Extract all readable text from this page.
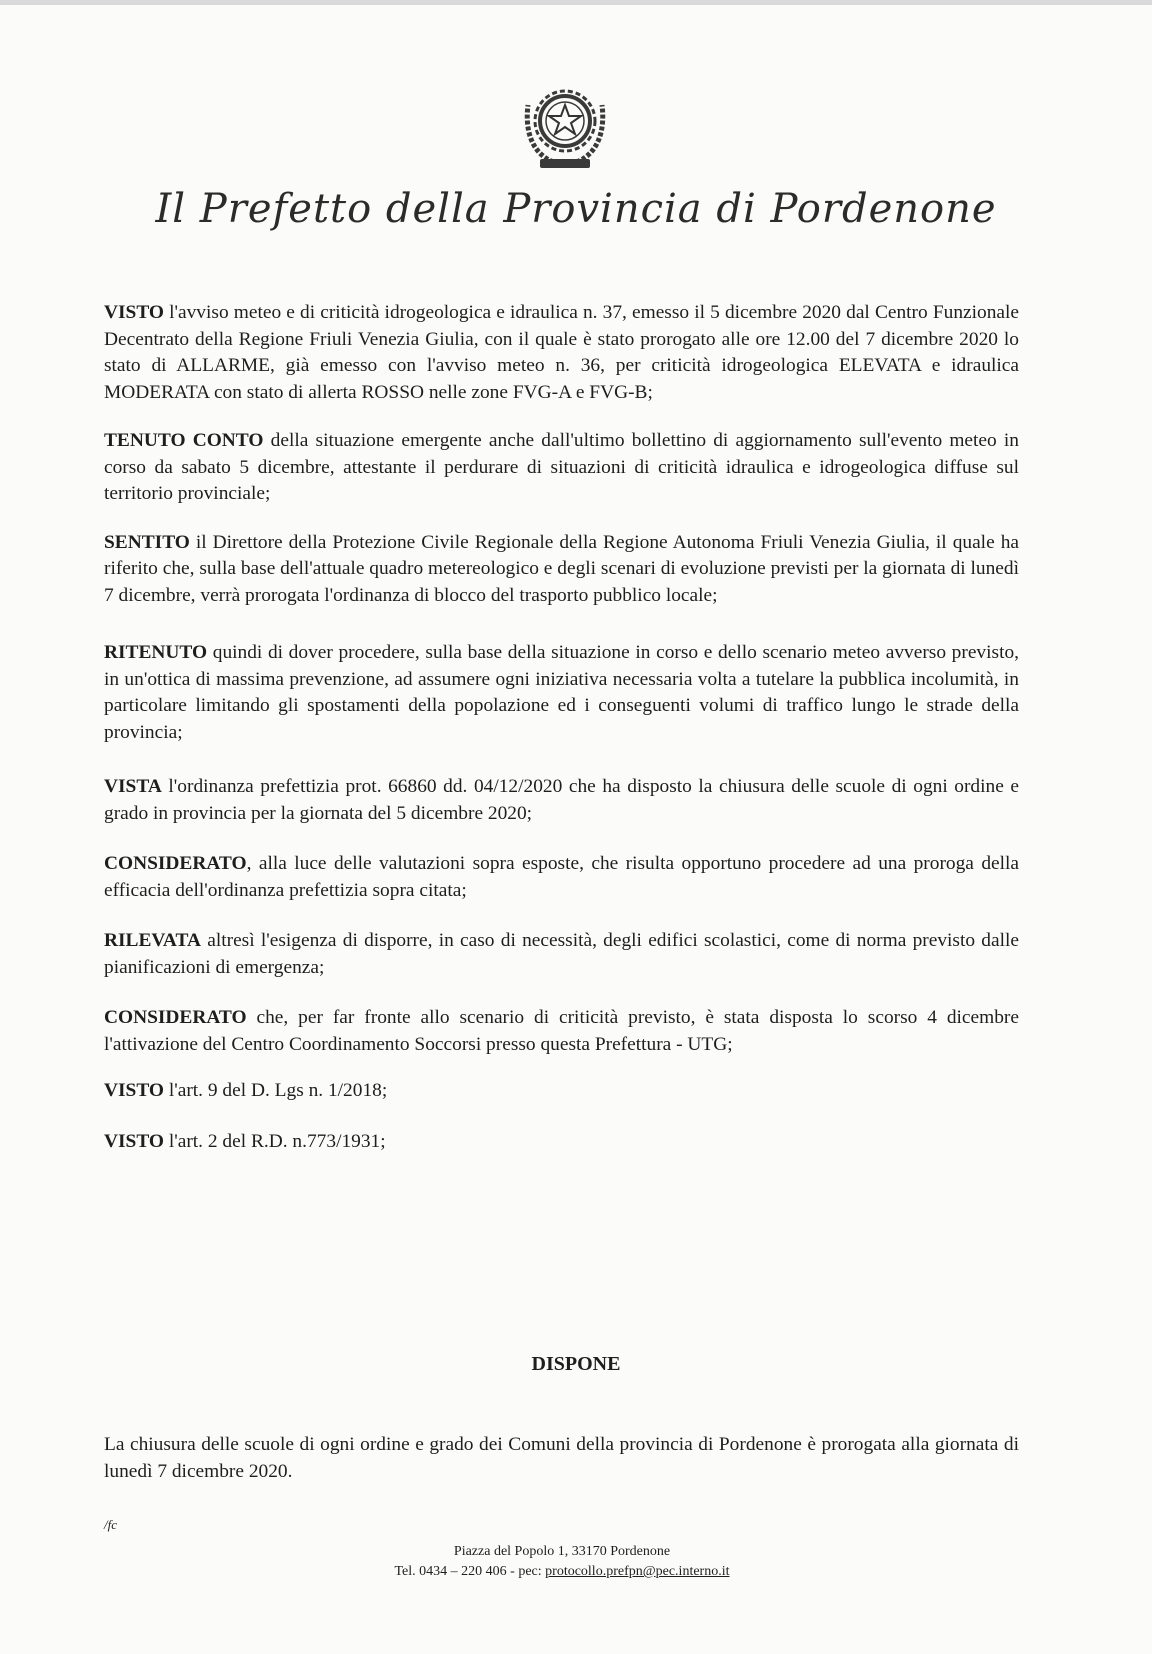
Il Prefetto della Provincia di Pordenone

VISTO l'avviso meteo e di criticità idrogeologica e idraulica n. 37, emesso il 5 dicembre 2020 dal Centro Funzionale Decentrato della Regione Friuli Venezia Giulia, con il quale è stato prorogato alle ore 12.00 del 7 dicembre 2020 lo stato di ALLARME, già emesso con l'avviso meteo n. 36, per criticità idrogeologica ELEVATA e idraulica MODERATA con stato di allerta ROSSO nelle zone FVG-A e FVG-B;

TENUTO CONTO della situazione emergente anche dall'ultimo bollettino di aggiornamento sull'evento meteo in corso da sabato 5 dicembre, attestante il perdurare di situazioni di criticità idraulica e idrogeologica diffuse sul territorio provinciale;

SENTITO il Direttore della Protezione Civile Regionale della Regione Autonoma Friuli Venezia Giulia, il quale ha riferito che, sulla base dell'attuale quadro metereologico e degli scenari di evoluzione previsti per la giornata di lunedì 7 dicembre, verrà prorogata l'ordinanza di blocco del trasporto pubblico locale;

RITENUTO quindi di dover procedere, sulla base della situazione in corso e dello scenario meteo avverso previsto, in un'ottica di massima prevenzione, ad assumere ogni iniziativa necessaria volta a tutelare la pubblica incolumità, in particolare limitando gli spostamenti della popolazione ed i conseguenti volumi di traffico lungo le strade della provincia;

VISTA l'ordinanza prefettizia prot. 66860 dd. 04/12/2020 che ha disposto la chiusura delle scuole di ogni ordine e grado in provincia per la giornata del 5 dicembre 2020;

CONSIDERATO, alla luce delle valutazioni sopra esposte, che risulta opportuno procedere ad una proroga della efficacia dell'ordinanza prefettizia sopra citata;

RILEVATA altresì l'esigenza di disporre, in caso di necessità, degli edifici scolastici, come di norma previsto dalle pianificazioni di emergenza;

CONSIDERATO che, per far fronte allo scenario di criticità previsto, è stata disposta lo scorso 4 dicembre l'attivazione del Centro Coordinamento Soccorsi presso questa Prefettura - UTG;

VISTO l'art. 9 del D. Lgs n. 1/2018;

VISTO l'art. 2 del R.D. n.773/1931;

DISPONE

La chiusura delle scuole di ogni ordine e grado dei Comuni della provincia di Pordenone è prorogata alla giornata di lunedì 7 dicembre 2020.

/fc
Piazza del Popolo 1, 33170 Pordenone
Tel. 0434 – 220 406 - pec: protocollo.prefpn@pec.interno.it
